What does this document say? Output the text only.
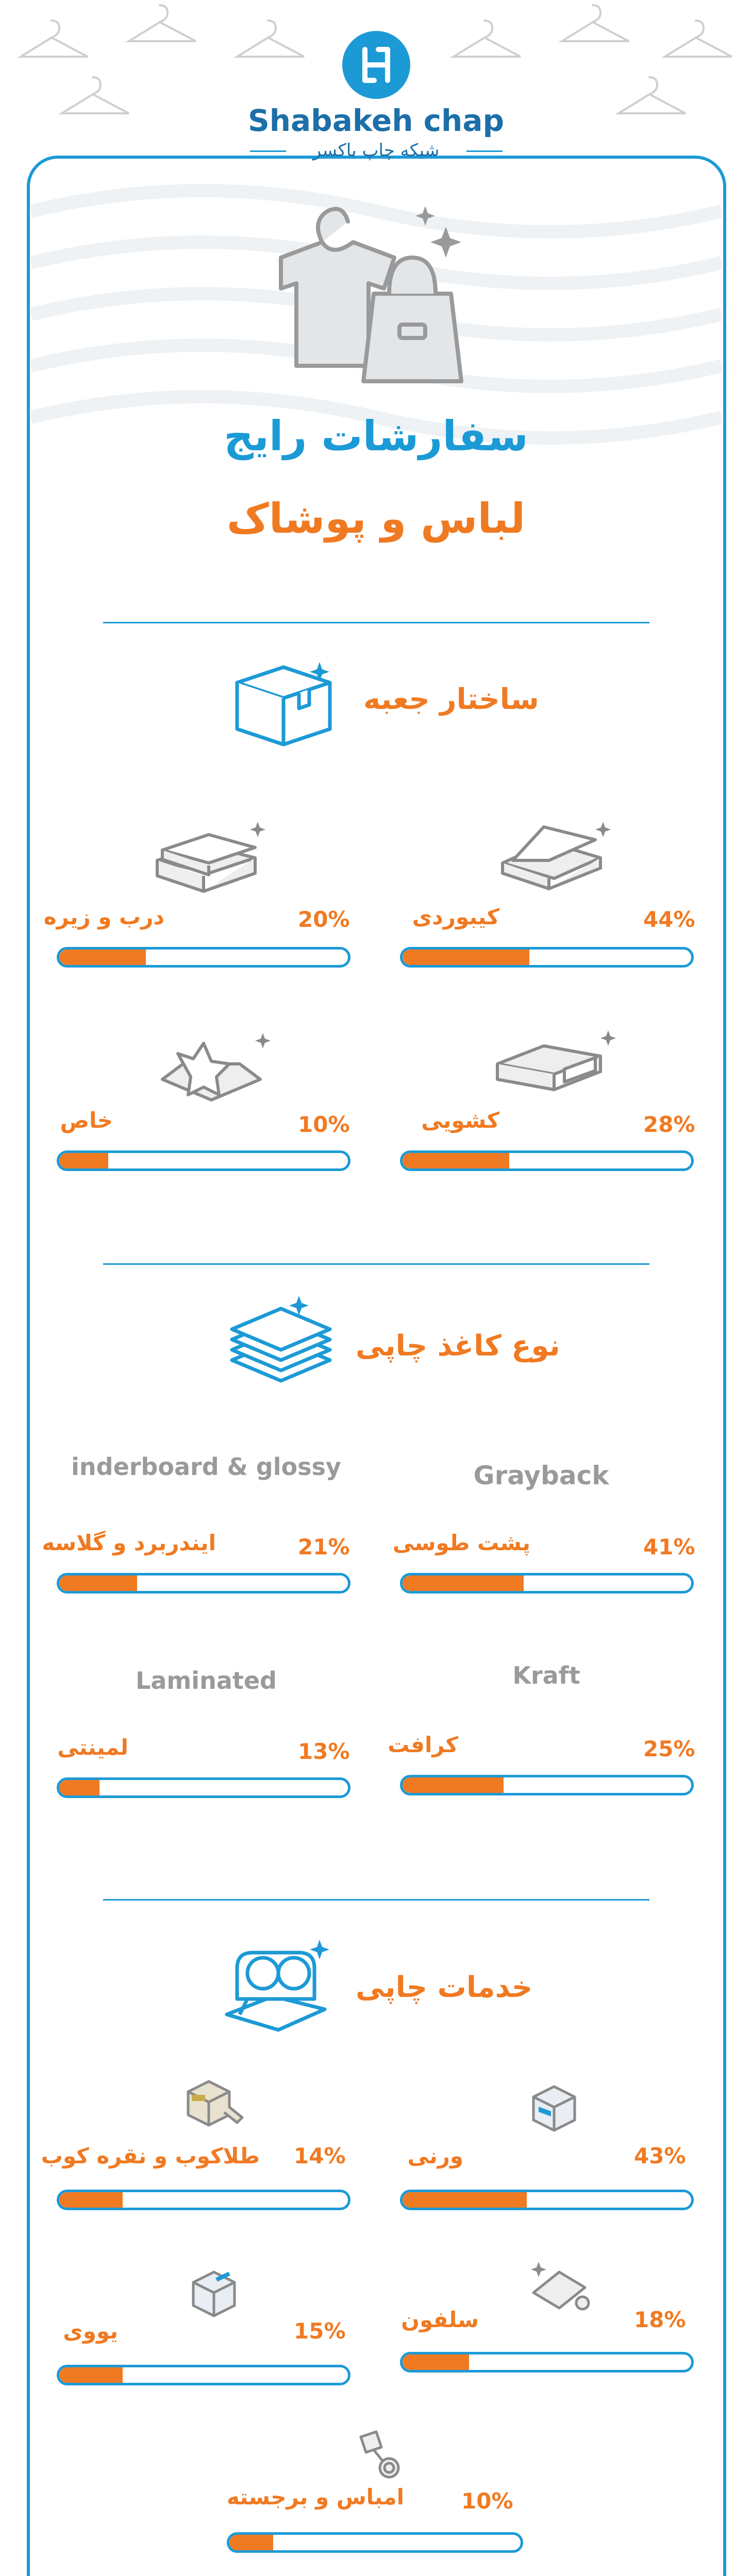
Shabakeh chap
شبکه چاپ باکسر
سفارشات رایج
لباس و پوشاک
ساختار جعبه
44%
کیبوردی
20%
درب و زیره
28%
کشویی
10%
خاص
نوع کاغذ چاپی
Grayback
41%
پشت طوسی
inderboard & glossy
21%
ایندربرد و گلاسه
Kraft
25%
کرافت
Laminated
13%
لمینتی
خدمات چاپی
43%
ورنی
14%
طلاکوب و نقره کوب
18%
سلفون
15%
یووی
10%
امباس و برجسته
